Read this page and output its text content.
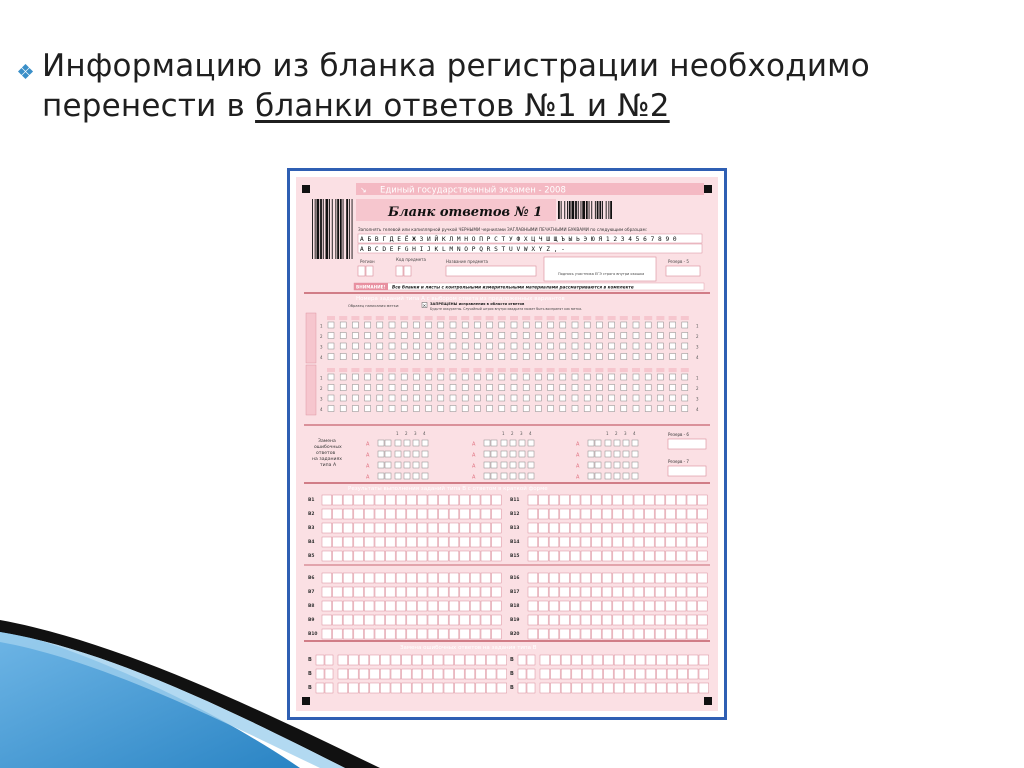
Информацию из бланка регистрации необходимо
перенести в бланки ответов №1 и №2
Единый государственный экзамен - 2008
↘
Бланк ответов № 1
Заполнять гелевой или капиллярной ручкой ЧЕРНЫМИ чернилами ЗАГЛАВНЫМИ ПЕЧАТНЫМИ БУКВАМИ по следующим образцам:
А Б В Г Д Е Ё Ж З И Й К Л М Н О П Р С Т У Ф Х Ц Ч Ш Щ Ъ Ы Ь Э Ю Я 1 2 3 4 5 6 7 8 9 0
A B C D E F G H I J K L M N O P Q R S T U V W X Y Z , -
Регион	Код предмета	Название предмета	Резерв - 5
Подпись участника ЕГЭ строго внутри окошка
ВНИМАНИЕ! Все бланки и листы с контрольными измерительными материалами рассматриваются в комплекте
Номера заданий типа А с выбором ответа из предложенных вариантов
Образец написания метки:	× ЗАПРЕЩЕНЫ исправления в области ответов
Будьте аккуратны. Случайный штрих внутри квадрата может быть воспринят как метка.
1	1
2	2
3	3
4	4
1	1
2	2
3	3
4	4
Замена ошибочных ответов на заданиях типа А
1 2 3 4
А
А
А
А
1 2 3 4
А
А
А
А
1 2 3 4
А
А
А
А
Резерв - 6
Резерв - 7
Результаты выполнения заданий типа В с ответом в краткой форме
B1	B11
B2	B12
B3	B13
B4	B14
B5	B15
B6	B16
B7	B17
B8	B18
B9	B19
B10	B20
Замена ошибочных ответов на задания типа В
B	B
B	B
B	B
